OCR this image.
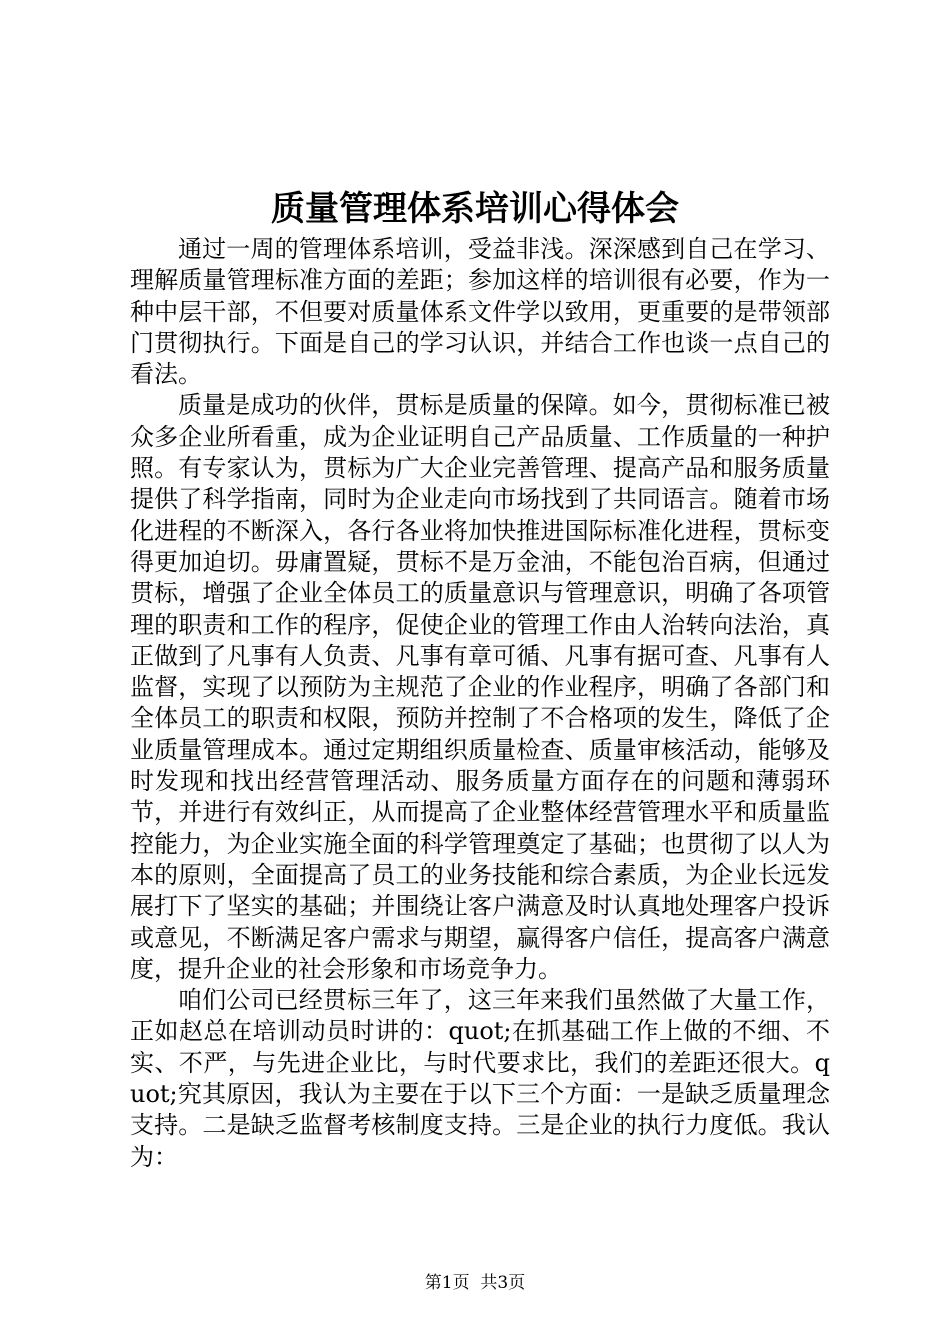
质量管理体系培训心得体会

通过一周的管理体系培训，受益非浅。深深感到自己在学习、理解质量管理标准方面的差距；参加这样的培训很有必要，作为一种中层干部，不但要对质量体系文件学以致用，更重要的是带领部门贯彻执行。下面是自己的学习认识，并结合工作也谈一点自己的看法。

质量是成功的伙伴，贯标是质量的保障。如今，贯彻标准已被众多企业所看重，成为企业证明自己产品质量、工作质量的一种护照。有专家认为，贯标为广大企业完善管理、提高产品和服务质量提供了科学指南，同时为企业走向市场找到了共同语言。随着市场化进程的不断深入，各行各业将加快推进国际标准化进程，贯标变得更加迫切。毋庸置疑，贯标不是万金油，不能包治百病，但通过贯标，增强了企业全体员工的质量意识与管理意识，明确了各项管理的职责和工作的程序，促使企业的管理工作由人治转向法治，真正做到了凡事有人负责、凡事有章可循、凡事有据可查、凡事有人监督，实现了以预防为主规范了企业的作业程序，明确了各部门和全体员工的职责和权限，预防并控制了不合格项的发生，降低了企业质量管理成本。通过定期组织质量检查、质量审核活动，能够及时发现和找出经营管理活动、服务质量方面存在的问题和薄弱环节，并进行有效纠正，从而提高了企业整体经营管理水平和质量监控能力，为企业实施全面的科学管理奠定了基础；也贯彻了以人为本的原则，全面提高了员工的业务技能和综合素质，为企业长远发展打下了坚实的基础；并围绕让客户满意及时认真地处理客户投诉或意见，不断满足客户需求与期望，赢得客户信任，提高客户满意度，提升企业的社会形象和市场竞争力。

咱们公司已经贯标三年了，这三年来我们虽然做了大量工作，正如赵总在培训动员时讲的：quot;在抓基础工作上做的不细、不实、不严，与先进企业比，与时代要求比，我们的差距还很大。quot;究其原因，我认为主要在于以下三个方面：一是缺乏质量理念支持。二是缺乏监督考核制度支持。三是企业的执行力度低。我认为：

第1页 共3页
